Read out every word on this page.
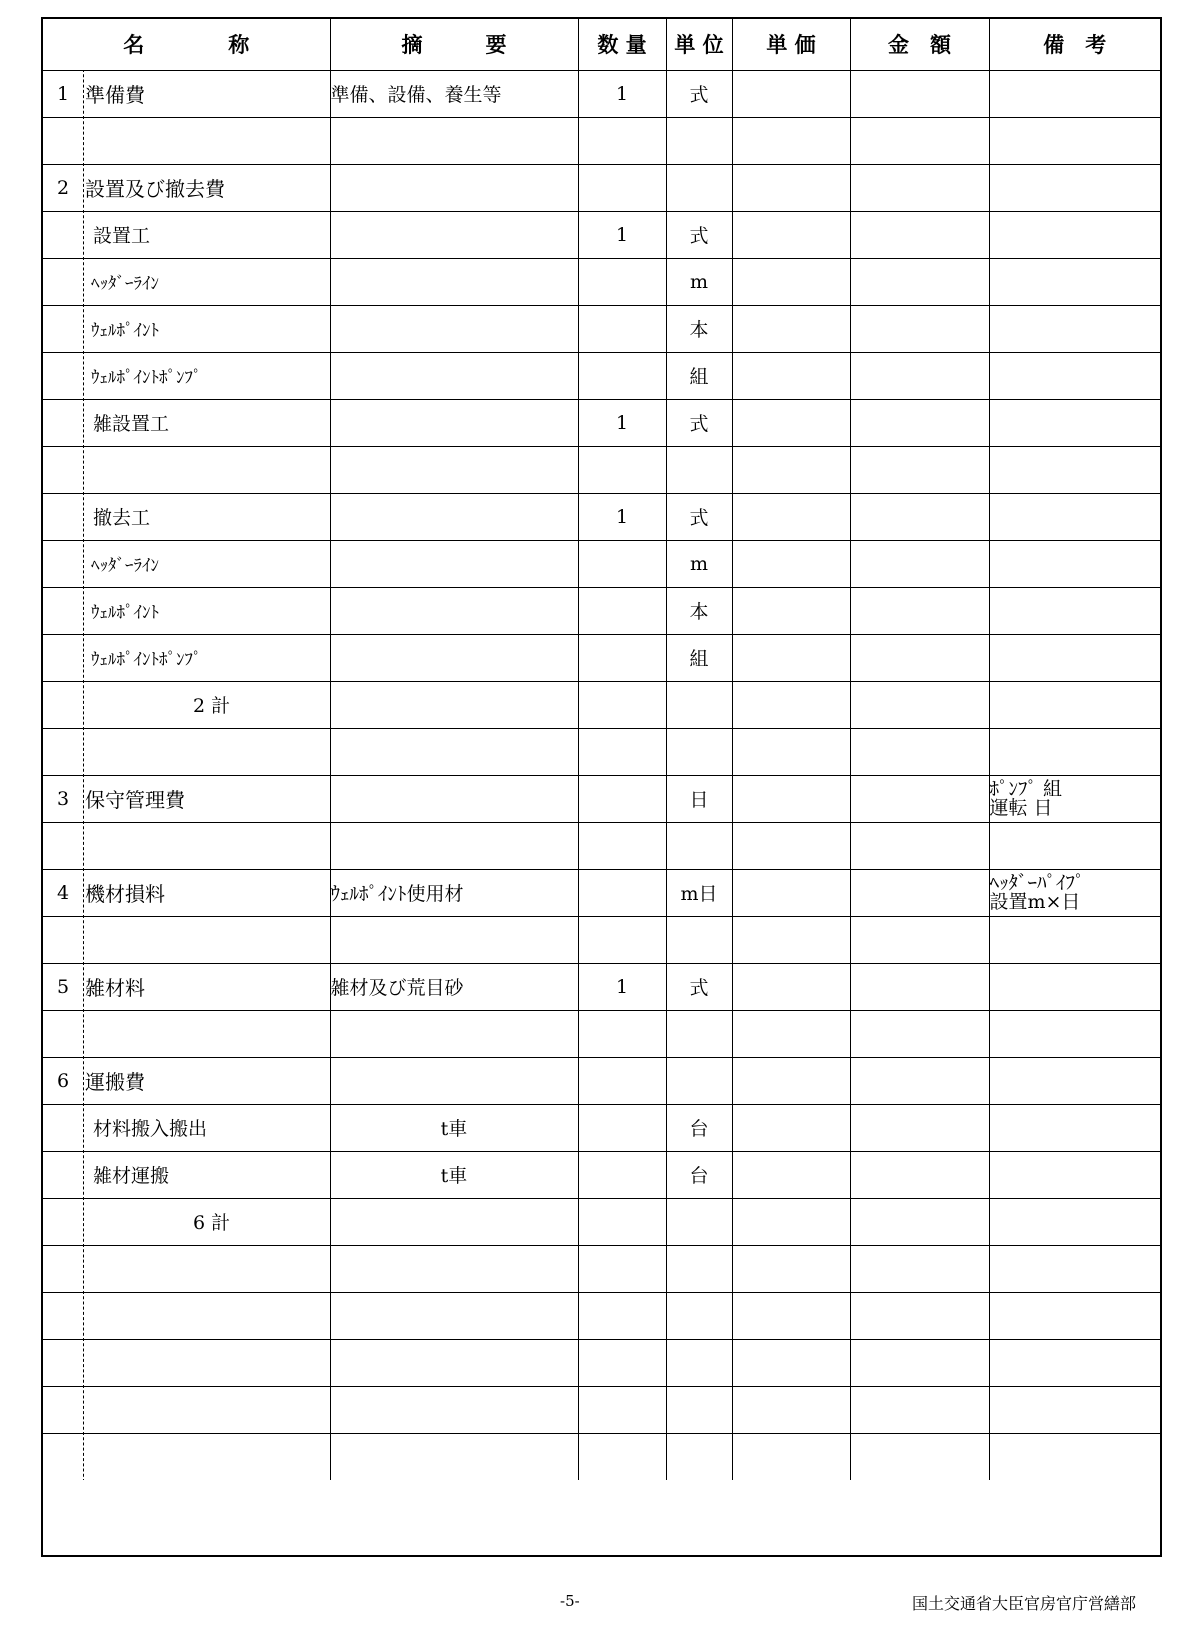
名　　　　称	摘　　　要	数 量	単 位	単 価	金　額	備　考

1 準備費	準備、設備、養生等	1	式			

2 設置及び撤去費						

設置工		1	式			

ﾍｯﾀﾞｰﾗｲﾝ			m			

ｳｪﾙﾎﾟｲﾝﾄ			本			

ｳｪﾙﾎﾟｲﾝﾄﾎﾟﾝﾌﾟ			組			

雑設置工		1	式			

撤去工		1	式			

ﾍｯﾀﾞｰﾗｲﾝ			m			

ｳｪﾙﾎﾟｲﾝﾄ			本			

ｳｪﾙﾎﾟｲﾝﾄﾎﾟﾝﾌﾟ			組			

2 計						

3 保守管理費			日			ﾎﾟﾝﾌﾟ 組
運転 日

4 機材損料	ｳｪﾙﾎﾟｲﾝﾄ使用材		m日			ﾍｯﾀﾞｰﾊﾟｲﾌﾟ
設置m×日

5 雑材料	雑材及び荒目砂	1	式			

6 運搬費						

材料搬入搬出	t車		台			

雑材運搬	t車		台			

6 計						

-5-	国土交通省大臣官房官庁営繕部
